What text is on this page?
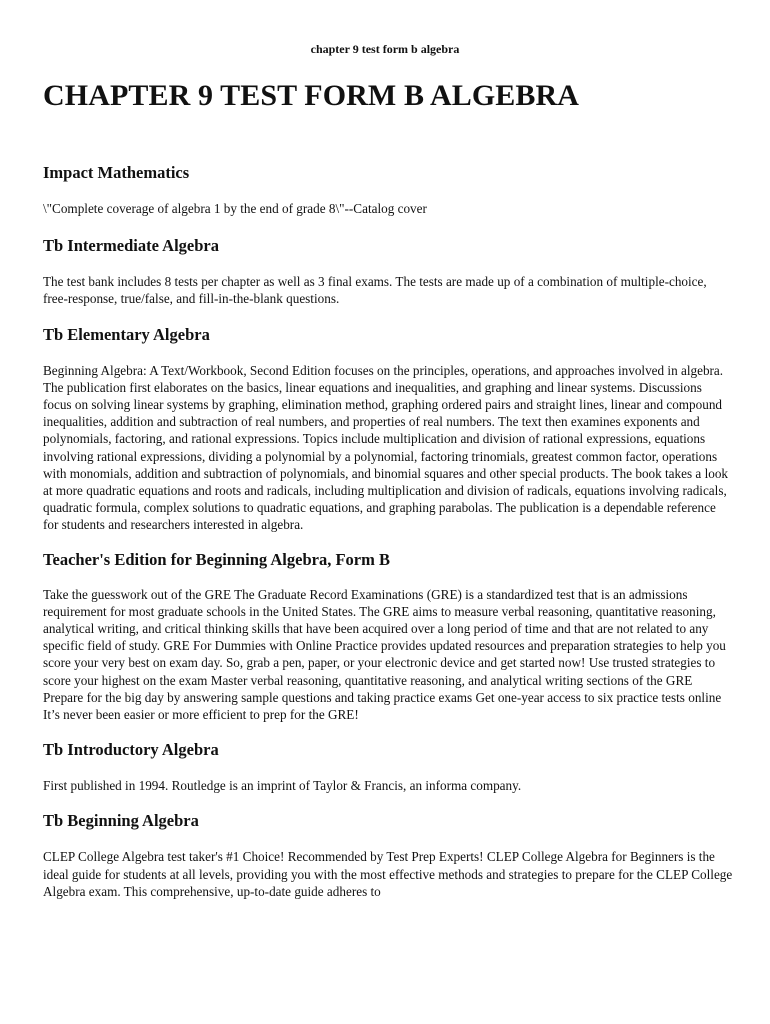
chapter 9 test form b algebra
CHAPTER 9 TEST FORM B ALGEBRA
Impact Mathematics

\"Complete coverage of algebra 1 by the end of grade 8\"--Catalog cover

Tb Intermediate Algebra

The test bank includes 8 tests per chapter as well as 3 final exams. The tests are made up of a combination of multiple-choice, free-response, true/false, and fill-in-the-blank questions.

Tb Elementary Algebra

Beginning Algebra: A Text/Workbook, Second Edition focuses on the principles, operations, and approaches involved in algebra. The publication first elaborates on the basics, linear equations and inequalities, and graphing and linear systems. Discussions focus on solving linear systems by graphing, elimination method, graphing ordered pairs and straight lines, linear and compound inequalities, addition and subtraction of real numbers, and properties of real numbers. The text then examines exponents and polynomials, factoring, and rational expressions. Topics include multiplication and division of rational expressions, equations involving rational expressions, dividing a polynomial by a polynomial, factoring trinomials, greatest common factor, operations with monomials, addition and subtraction of polynomials, and binomial squares and other special products. The book takes a look at more quadratic equations and roots and radicals, including multiplication and division of radicals, equations involving radicals, quadratic formula, complex solutions to quadratic equations, and graphing parabolas. The publication is a dependable reference for students and researchers interested in algebra.

Teacher's Edition for Beginning Algebra, Form B

Take the guesswork out of the GRE The Graduate Record Examinations (GRE) is a standardized test that is an admissions requirement for most graduate schools in the United States. The GRE aims to measure verbal reasoning, quantitative reasoning, analytical writing, and critical thinking skills that have been acquired over a long period of time and that are not related to any specific field of study. GRE For Dummies with Online Practice provides updated resources and preparation strategies to help you score your very best on exam day. So, grab a pen, paper, or your electronic device and get started now! Use trusted strategies to score your highest on the exam Master verbal reasoning, quantitative reasoning, and analytical writing sections of the GRE Prepare for the big day by answering sample questions and taking practice exams Get one-year access to six practice tests online It’s never been easier or more efficient to prep for the GRE!

Tb Introductory Algebra

First published in 1994. Routledge is an imprint of Taylor & Francis, an informa company.

Tb Beginning Algebra

CLEP College Algebra test taker's #1 Choice! Recommended by Test Prep Experts! CLEP College Algebra for Beginners is the ideal guide for students at all levels, providing you with the most effective methods and strategies to prepare for the CLEP College Algebra exam. This comprehensive, up-to-date guide adheres to
